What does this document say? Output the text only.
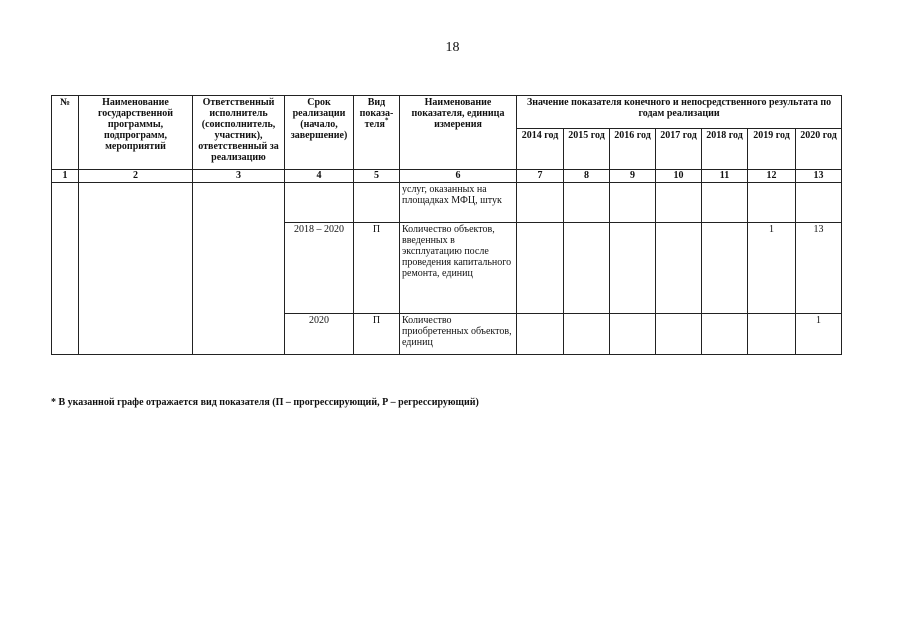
18
№	Наименование государственной программы, подпрограмм, мероприятий	Ответственный исполнитель (соисполнитель, участник), ответственный за реализацию	Срок реализации (начало, завершение)	Вид показа-теля*	Наименование показателя, единица измерения	Значение показателя конечного и непосредственного результата по годам реализации						
						2014 год	2015 год	2016 год	2017 год	2018 год	2019 год	2020 год
1	2	3	4	5	6	7	8	9	10	11	12	13
					услуг, оказанных на площадках МФЦ, штук							
			2018 – 2020	П	Количество объектов, введенных в эксплуатацию после проведения капитального ремонта, единиц						1	13
			2020	П	Количество приобретенных объектов, единиц							1
* В указанной графе отражается вид показателя (П – прогрессирующий, Р – регрессирующий)
